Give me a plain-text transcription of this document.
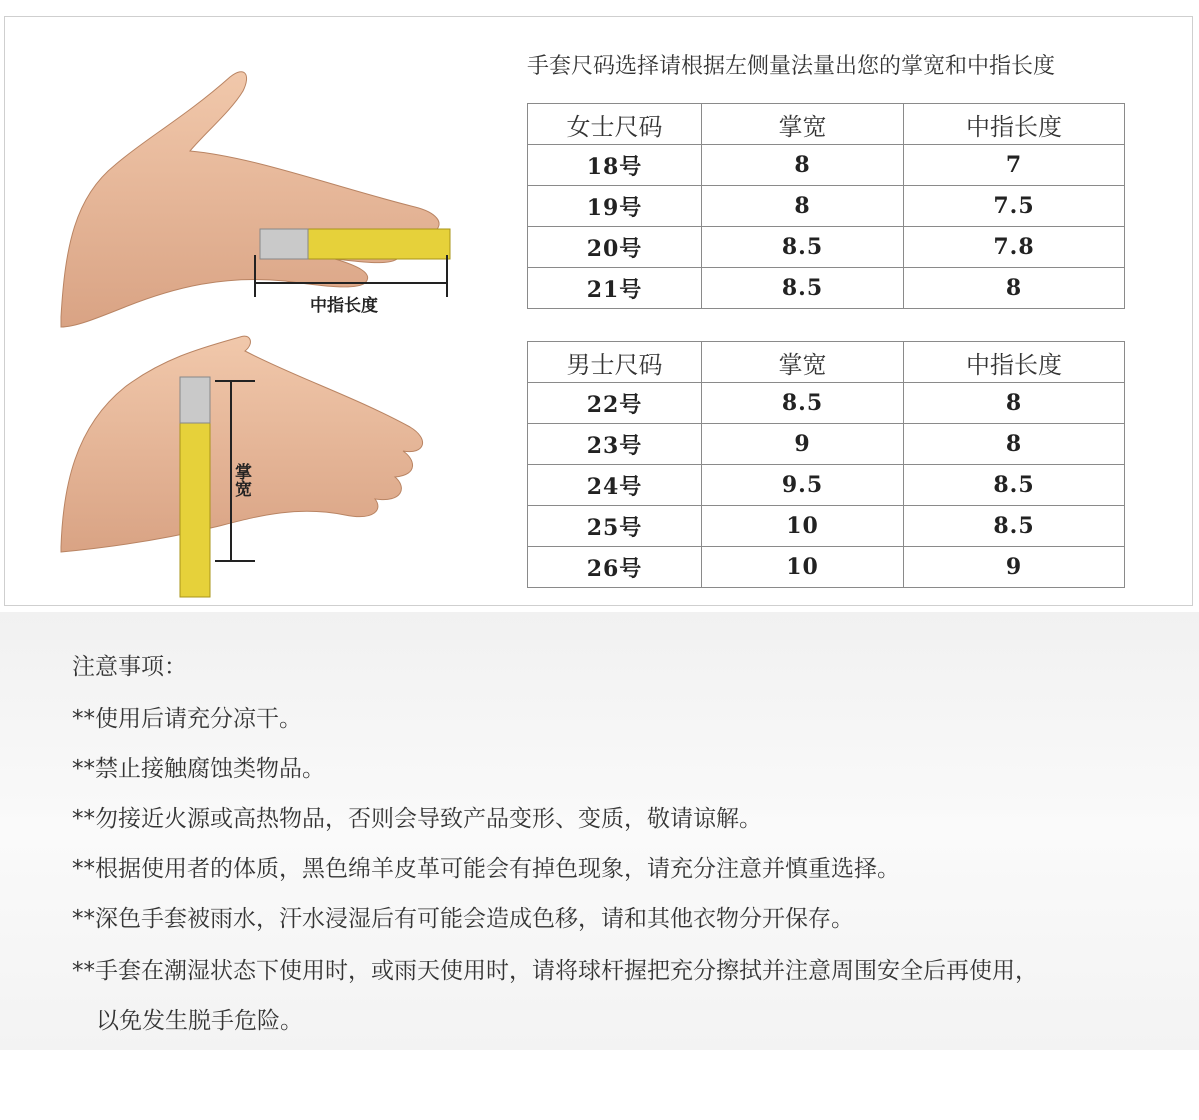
中指长度
掌宽
手套尺码选择请根据左侧量法量出您的掌宽和中指长度
女士尺码	掌宽	中指长度
18号	8	7
19号	8	7.5
20号	8.5	7.8
21号	8.5	8
男士尺码	掌宽	中指长度
22号	8.5	8
23号	9	8
24号	9.5	8.5
25号	10	8.5
26号	10	9
注意事项：
**使用后请充分凉干。
**禁止接触腐蚀类物品。
**勿接近火源或高热物品，否则会导致产品变形、变质，敬请谅解。
**根据使用者的体质，黑色绵羊皮革可能会有掉色现象，请充分注意并慎重选择。
**深色手套被雨水，汗水浸湿后有可能会造成色移，请和其他衣物分开保存。
**手套在潮湿状态下使用时，或雨天使用时，请将球杆握把充分擦拭并注意周围安全后再使用，
以免发生脱手危险。
